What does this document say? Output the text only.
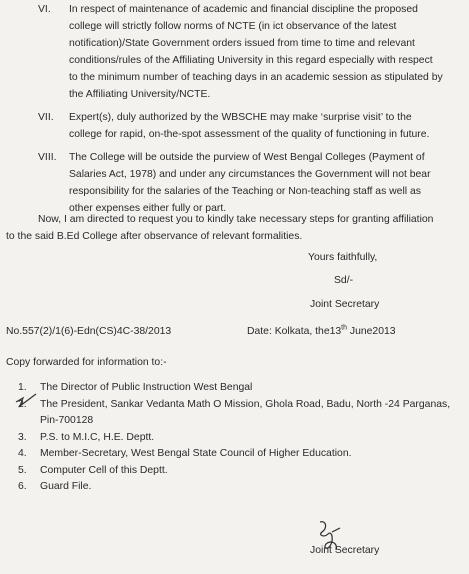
VI.	In respect of maintenance of academic and financial discipline the proposed
college will strictly follow norms of NCTE (in ict observance of the latest
notification)/State Government orders issued from time to time and relevant
conditions/rules of the Affiliating University in this regard especially with respect
to the minimum number of teaching days in an academic session as stipulated by
the Affiliating University/NCTE.
VII.	Expert(s), duly authorized by the WBSCHE may make ‘surprise visit’ to the
college for rapid, on-the-spot assessment of the quality of functioning in future.
VIII.	The College will be outside the purview of West Bengal Colleges (Payment of
Salaries Act, 1978) and under any circumstances the Government will not bear
responsibility for the salaries of the Teaching or Non-teaching staff as well as
other expenses either fully or part.
Now, I am directed to request you to kindly take necessary steps for granting affiliation
to the said B.Ed College after observance of relevant formalities.
Yours faithfully,
Sd/-
Joint Secretary
No.557(2)/1(6)-Edn(CS)4C-38/2013	Date: Kolkata, the13th June2013
Copy forwarded for information to:-
1. The Director of Public Instruction West Bengal
2. The President, Sankar Vedanta Math O Mission, Ghola Road, Badu, North -24 Parganas,
Pin-700128
3. P.S. to M.I.C, H.E. Deptt.
4. Member-Secretary, West Bengal State Council of Higher Education.
5. Computer Cell of this Deptt.
6. Guard File.
Joint Secretary
